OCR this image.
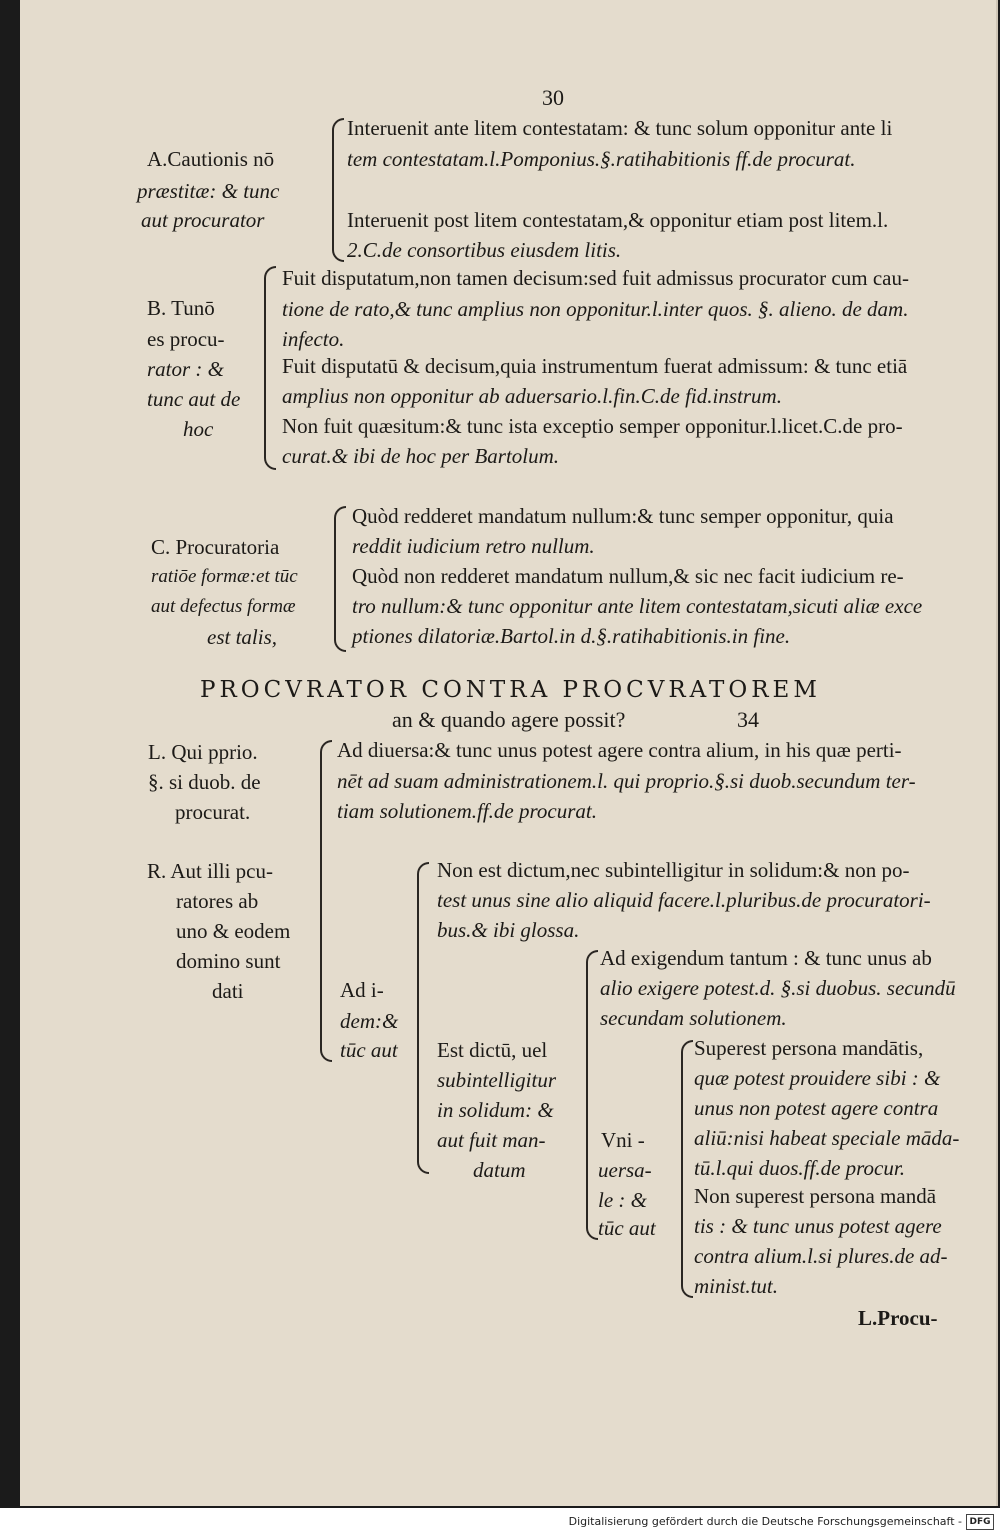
30
A.Cautionis nō
præstitæ: & tunc
aut procurator
Interuenit ante litem contestatam: & tunc solum opponitur ante li
tem contestatam.l.Pomponius.§.ratihabitionis ff.de procurat.
Interuenit post litem contestatam,& opponitur etiam post litem.l.
2.C.de consortibus eiusdem litis.
B. Tunō
es procu-
rator : &
tunc aut de
hoc
Fuit disputatum,non tamen decisum:sed fuit admissus procurator cum cau-
tione de rato,& tunc amplius non opponitur.l.inter quos. §. alieno. de dam.
infecto.
Fuit disputatū & decisum,quia instrumentum fuerat admissum: & tunc etiā
amplius non opponitur ab aduersario.l.fin.C.de fid.instrum.
Non fuit quæsitum:& tunc ista exceptio semper opponitur.l.licet.C.de pro-
curat.& ibi de hoc per Bartolum.
C. Procuratoria
ratiōe formæ:et tūc
aut defectus formæ
est talis,
Quòd redderet mandatum nullum:& tunc semper opponitur, quia
reddit iudicium retro nullum.
Quòd non redderet mandatum nullum,& sic nec facit iudicium re-
tro nullum:& tunc opponitur ante litem contestatam,sicuti aliæ exce
ptiones dilatoriæ.Bartol.in d.§.ratihabitionis.in fine.
PROCVRATOR CONTRA PROCVRATOREM
an & quando agere possit?	34
L. Qui pprio.
§. si duob. de
procurat.
Ad diuersa:& tunc unus potest agere contra alium, in his quæ perti-
nēt ad suam administrationem.l. qui proprio.§.si duob.secundum ter-
tiam solutionem.ff.de procurat.
R. Aut illi pcu-
ratores ab
uno & eodem
domino sunt
dati	Ad i-
dem:&
tūc aut
Non est dictum,nec subintelligitur in solidum:& non po-
test unus sine alio aliquid facere.l.pluribus.de procuratori-
bus.& ibi glossa.
Est dictū, uel
subintelligitur
in solidum: &
aut fuit man-
datum
Ad exigendum tantum : & tunc unus ab
alio exigere potest.d. §.si duobus. secundū
secundam solutionem.
Vni -
uersa-
le : &
tūc aut
Superest persona mandātis,
quæ potest prouidere sibi : &
unus non potest agere contra
aliū:nisi habeat speciale māda-
tū.l.qui duos.ff.de procur.
Non superest persona mandā
tis : & tunc unus potest agere
contra alium.l.si plures.de ad-
minist.tut.
L.Procu-
Digitalisierung gefördert durch die Deutsche Forschungsgemeinschaft - DFG
